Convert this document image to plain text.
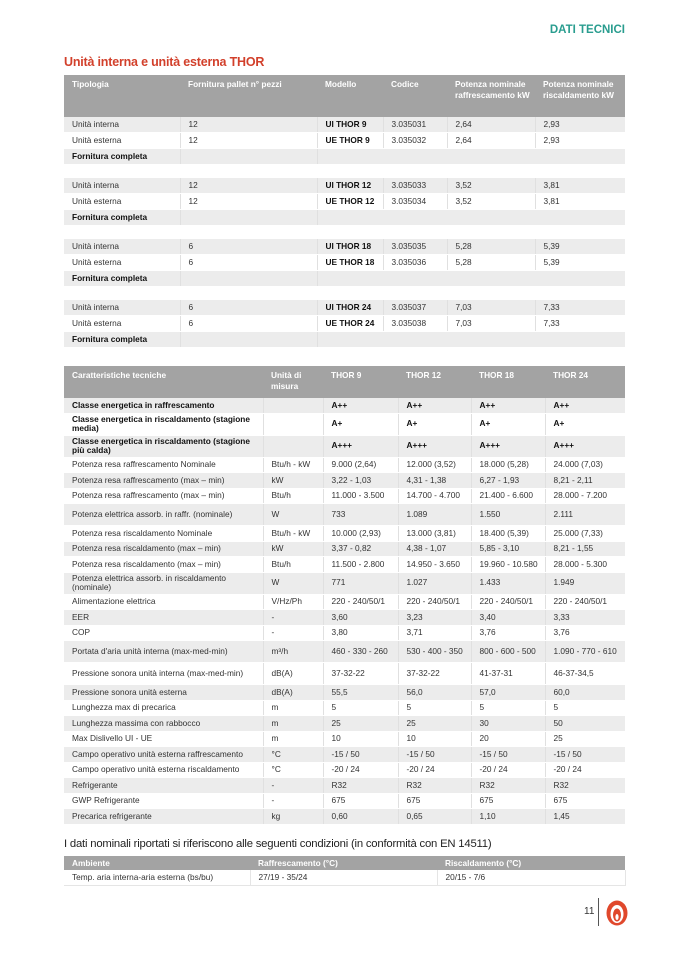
DATI TECNICI
Unità interna e unità esterna THOR
Tipologia	Fornitura pallet n° pezzi	Modello	Codice	Potenza nominale raffrescamento kW	Potenza nominale riscaldamento kW
Unità interna	12	UI THOR 9	3.035031	2,64	2,93
Unità esterna	12	UE THOR 9	3.035032	2,64	2,93
Fornitura completa					

Unità interna	12	UI THOR 12	3.035033	3,52	3,81
Unità esterna	12	UE THOR 12	3.035034	3,52	3,81
Fornitura completa					

Unità interna	6	UI THOR 18	3.035035	5,28	5,39
Unità esterna	6	UE THOR 18	3.035036	5,28	5,39
Fornitura completa					

Unità interna	6	UI THOR 24	3.035037	7,03	7,33
Unità esterna	6	UE THOR 24	3.035038	7,03	7,33
Fornitura completa					
Caratteristiche tecniche	Unità di misura	THOR 9	THOR 12	THOR 18	THOR 24
Classe energetica in raffrescamento		A++	A++	A++	A++
Classe energetica in riscaldamento (stagione media)		A+	A+	A+	A+
Classe energetica in riscaldamento (stagione più calda)		A+++	A+++	A+++	A+++
Potenza resa raffrescamento Nominale	Btu/h - kW	9.000 (2,64)	12.000 (3,52)	18.000 (5,28)	24.000 (7,03)
Potenza resa raffrescamento (max – min)	kW	3,22 - 1,03	4,31 - 1,38	6,27 - 1,93	8,21 - 2,11
Potenza resa raffrescamento (max – min)	Btu/h	11.000 - 3.500	14.700 - 4.700	21.400 - 6.600	28.000 - 7.200
Potenza elettrica assorb. in raffr. (nominale)	W	733	1.089	1.550	2.111
Potenza resa riscaldamento Nominale	Btu/h - kW	10.000 (2,93)	13.000 (3,81)	18.400 (5,39)	25.000 (7,33)
Potenza resa riscaldamento (max – min)	kW	3,37 - 0,82	4,38 - 1,07	5,85 - 3,10	8,21 - 1,55
Potenza resa riscaldamento (max – min)	Btu/h	11.500 - 2.800	14.950 - 3.650	19.960 - 10.580	28.000 - 5.300
Potenza elettrica assorb. in riscaldamento (nominale)	W	771	1.027	1.433	1.949
Alimentazione elettrica	V/Hz/Ph	220 - 240/50/1	220 - 240/50/1	220 - 240/50/1	220 - 240/50/1
EER	-	3,60	3,23	3,40	3,33
COP	-	3,80	3,71	3,76	3,76
Portata d'aria unità interna (max-med-min)	m³/h	460 - 330 - 260	530 - 400 - 350	800 - 600 - 500	1.090 - 770 - 610
Pressione sonora unità interna (max-med-min)	dB(A)	37-32-22	37-32-22	41-37-31	46-37-34,5
Pressione sonora unità esterna	dB(A)	55,5	56,0	57,0	60,0
Lunghezza max di precarica	m	5	5	5	5
Lunghezza massima con rabbocco	m	25	25	30	50
Max Dislivello UI - UE	m	10	10	20	25
Campo operativo unità esterna raffrescamento	°C	-15 / 50	-15 / 50	-15 / 50	-15 / 50
Campo operativo unità esterna riscaldamento	°C	-20 / 24	-20 / 24	-20 / 24	-20 / 24
Refrigerante	-	R32	R32	R32	R32
GWP Refrigerante	-	675	675	675	675
Precarica refrigerante	kg	0,60	0,65	1,10	1,45
I dati nominali riportati si riferiscono alle seguenti condizioni (in conformità con EN 14511)
Ambiente	Raffrescamento (°C)	Riscaldamento (°C)
Temp. aria interna-aria esterna (bs/bu)	27/19 - 35/24	20/15 - 7/6
11
